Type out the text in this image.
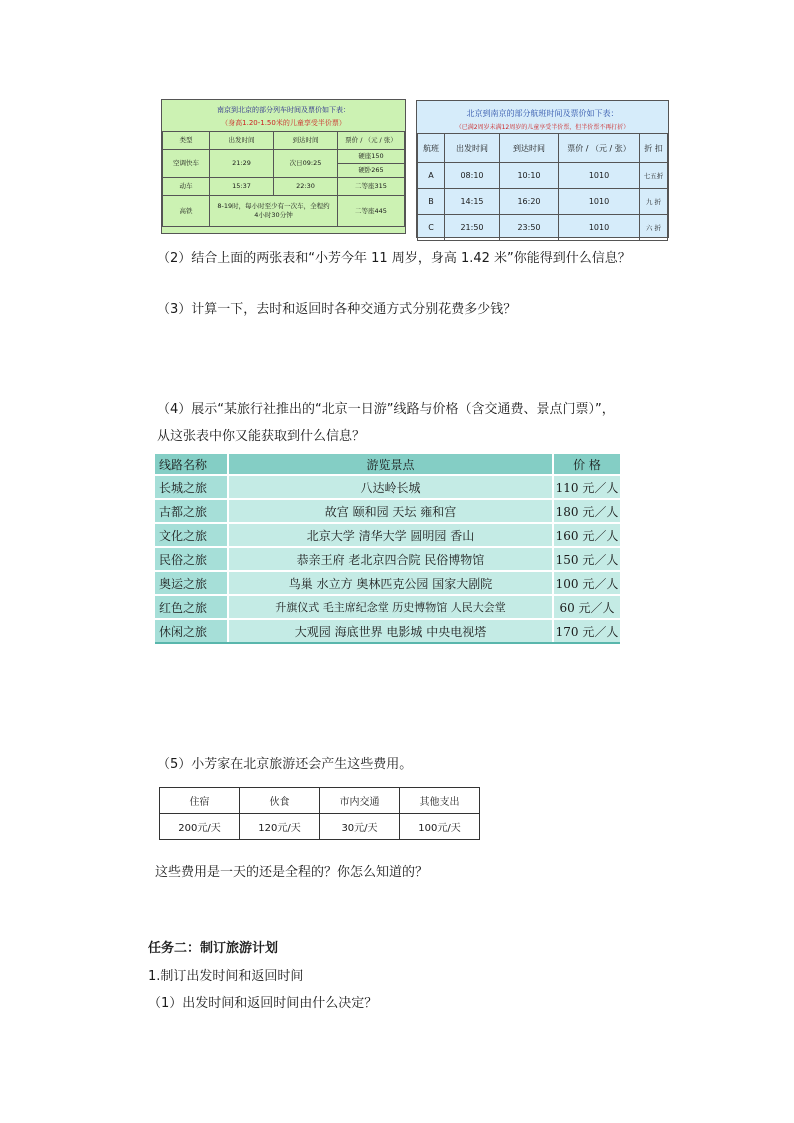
南京到北京的部分列车时间及票价如下表：
（身高1.20-1.50米的儿童享受半价票）
类型	出发时间	到达时间	票价 / （元 / 张）
空调快车	21:29	次日09:25	硬座150
			硬卧265
动车	15:37	22:30	二等座315
高铁	8-19时，每小时至少有一次车，全程约4小时30分钟		二等座445
北京到南京的部分航班时间及票价如下表：
（已满2周岁未满12周岁的儿童享受半价票，但半价票不再打折）
航班	出发时间	到达时间	票价 / （元 / 张）	折 扣
A	08:10	10:10	1010	七五折
B	14:15	16:20	1010	九 折
C	21:50	23:50	1010	六 折
（2）结合上面的两张表和“小芳今年 11 周岁，身高 1.42 米”你能得到什么信息？
（3）计算一下，去时和返回时各种交通方式分别花费多少钱？
（4）展示“某旅行社推出的“北京一日游”线路与价格（含交通费、景点门票）”，
从这张表中你又能获取到什么信息？
线路名称	游览景点	价 格
长城之旅	八达岭长城	110 元／人
古都之旅	故宫 颐和园 天坛 雍和宫	180 元／人
文化之旅	北京大学 清华大学 圆明园 香山	160 元／人
民俗之旅	恭亲王府 老北京四合院 民俗博物馆	150 元／人
奥运之旅	鸟巢 水立方 奥林匹克公园 国家大剧院	100 元／人
红色之旅	升旗仪式 毛主席纪念堂 历史博物馆 人民大会堂	60 元／人
休闲之旅	大观园 海底世界 电影城 中央电视塔	170 元／人
（5）小芳家在北京旅游还会产生这些费用。
住宿	伙食	市内交通	其他支出
200元/天	120元/天	30元/天	100元/天
这些费用是一天的还是全程的？你怎么知道的？
任务二：制订旅游计划
1.制订出发时间和返回时间
（1）出发时间和返回时间由什么决定？
